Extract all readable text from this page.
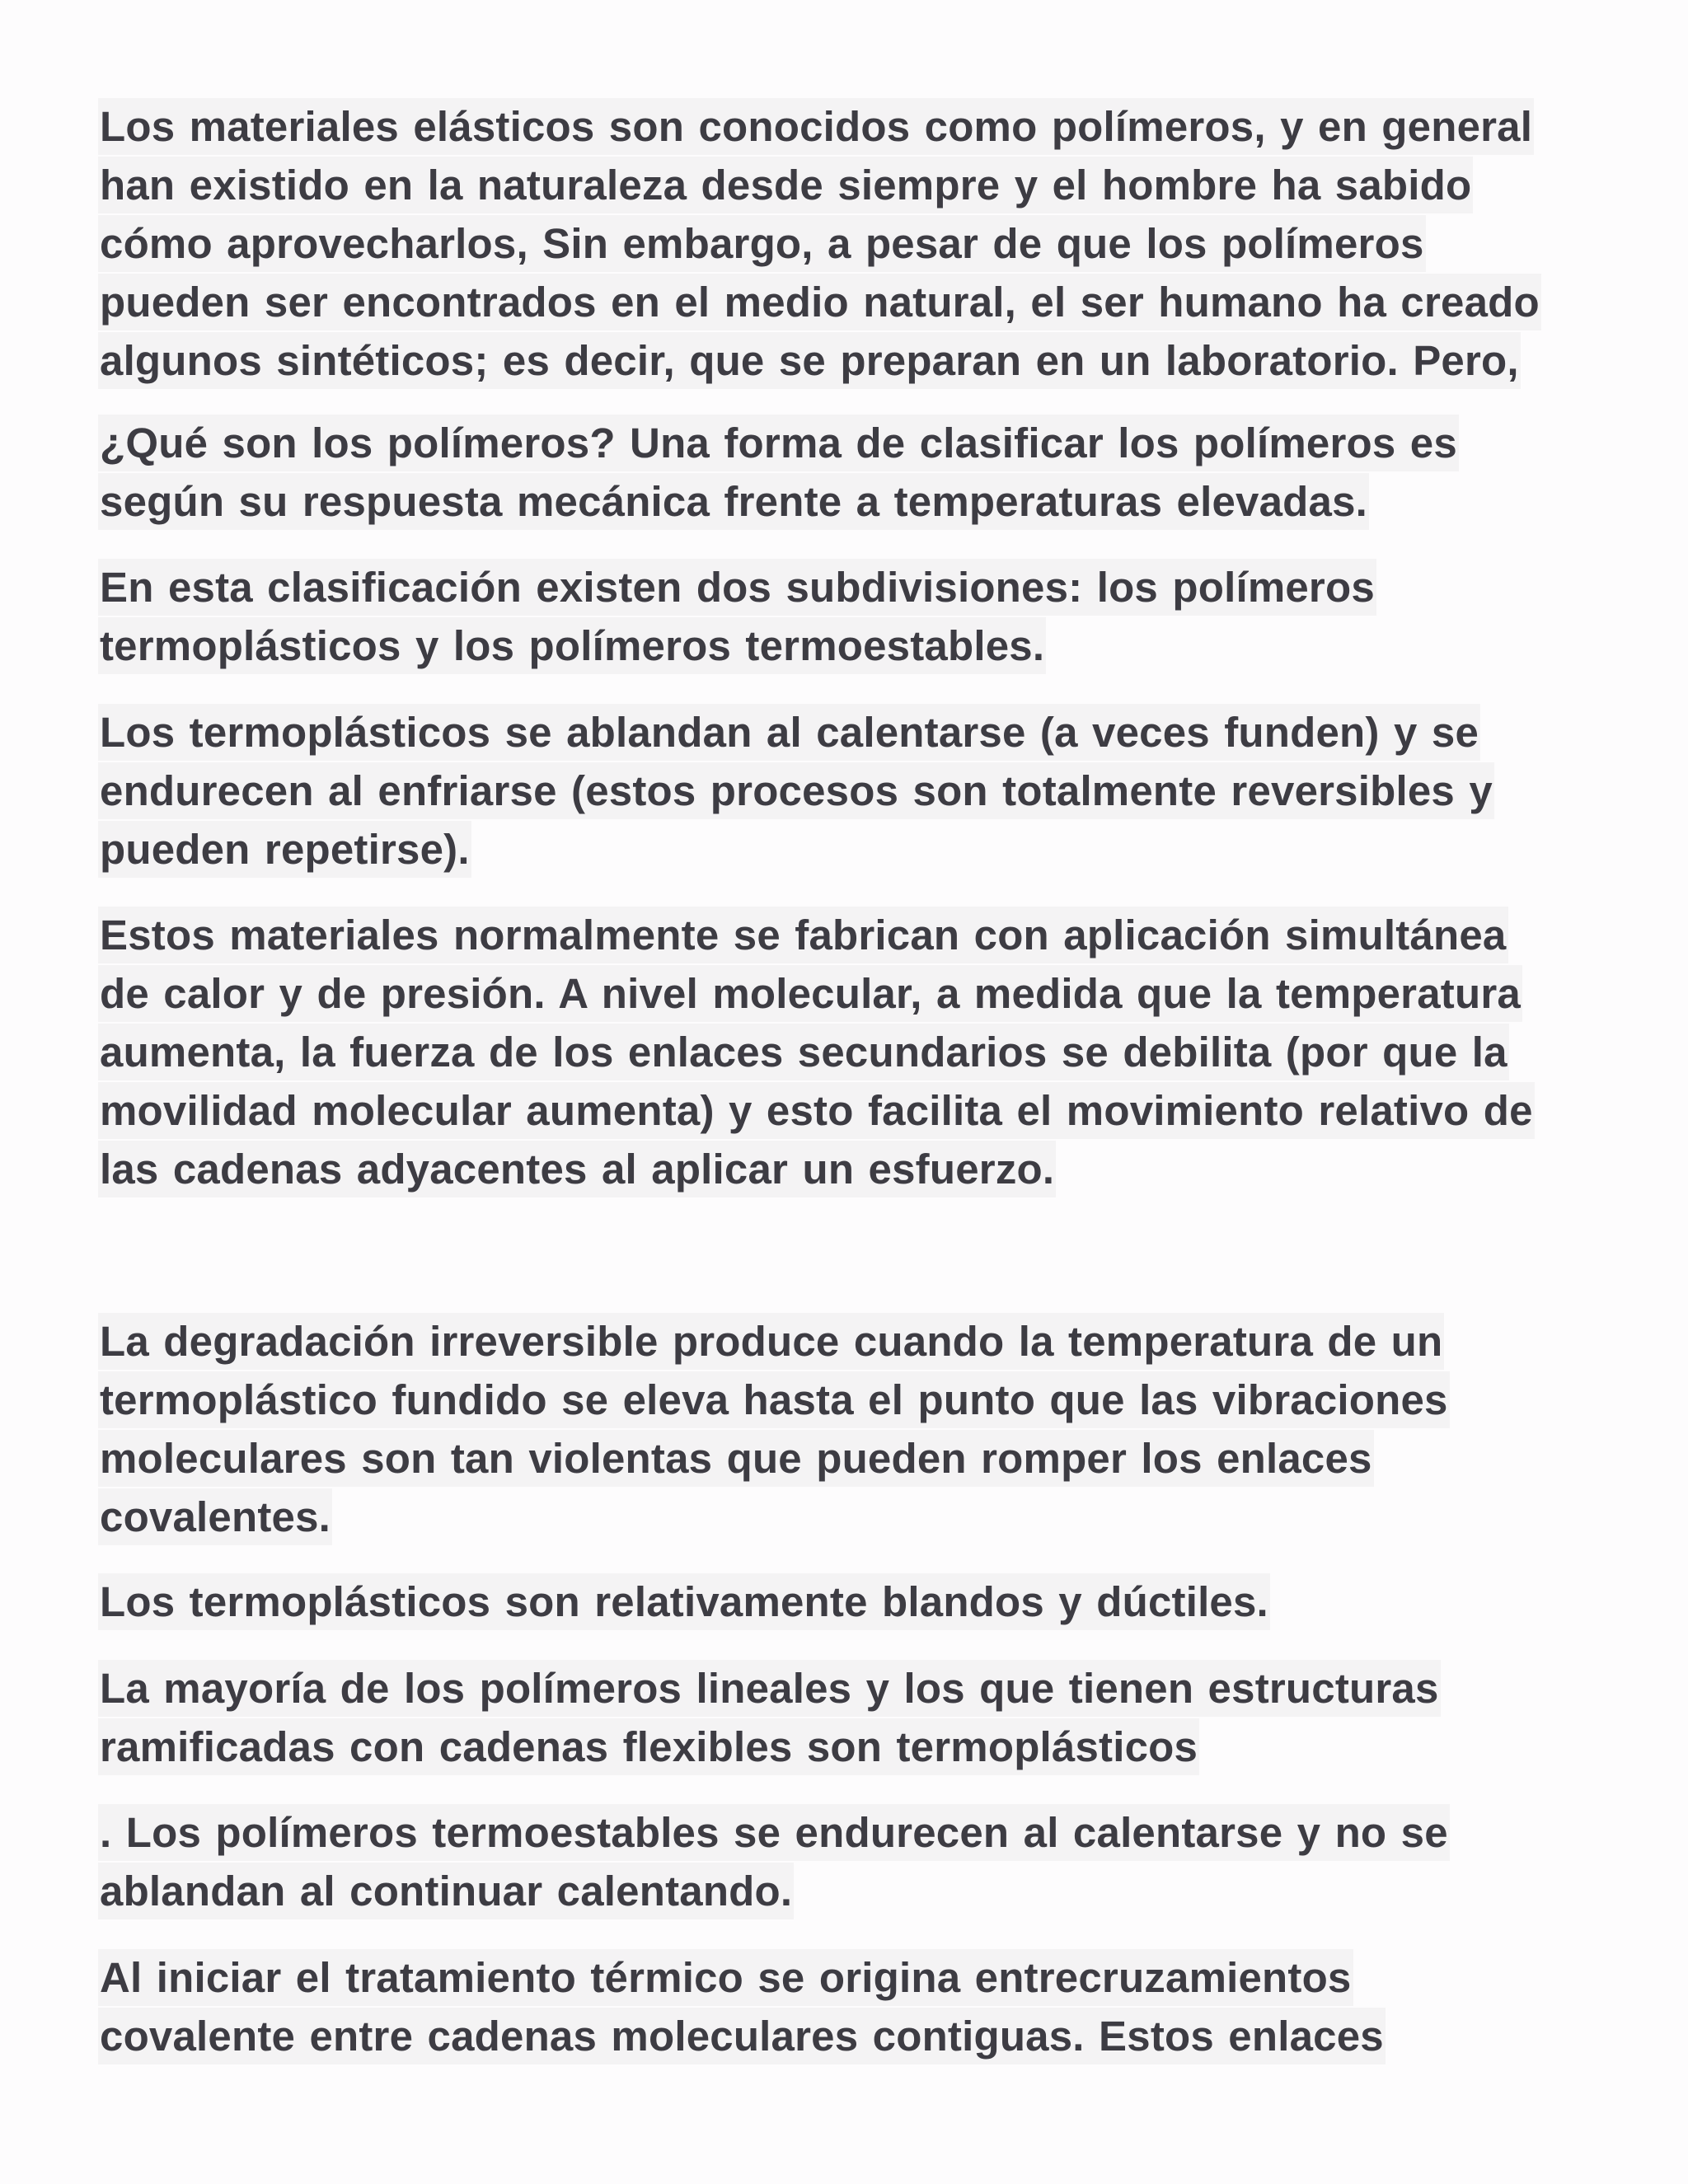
Los materiales elásticos son conocidos como polímeros, y en general
han existido en la naturaleza desde siempre y el hombre ha sabido
cómo aprovecharlos, Sin embargo, a pesar de que los polímeros
pueden ser encontrados en el medio natural, el ser humano ha creado
algunos sintéticos; es decir, que se preparan en un laboratorio. Pero,
¿Qué son los polímeros? Una forma de clasificar los polímeros es
según su respuesta mecánica frente a temperaturas elevadas.
En esta clasificación existen dos subdivisiones: los polímeros
termoplásticos y los polímeros termoestables.
Los termoplásticos se ablandan al calentarse (a veces funden) y se
endurecen al enfriarse (estos procesos son totalmente reversibles y
pueden repetirse).
Estos materiales normalmente se fabrican con aplicación simultánea
de calor y de presión. A nivel molecular, a medida que la temperatura
aumenta, la fuerza de los enlaces secundarios se debilita (por que la
movilidad molecular aumenta) y esto facilita el movimiento relativo de
las cadenas adyacentes al aplicar un esfuerzo.
La degradación irreversible produce cuando la temperatura de un
termoplástico fundido se eleva hasta el punto que las vibraciones
moleculares son tan violentas que pueden romper los enlaces
covalentes.
Los termoplásticos son relativamente blandos y dúctiles.
La mayoría de los polímeros lineales y los que tienen estructuras
ramificadas con cadenas flexibles son termoplásticos
. Los polímeros termoestables se endurecen al calentarse y no se
ablandan al continuar calentando.
Al iniciar el tratamiento térmico se origina entrecruzamientos
covalente entre cadenas moleculares contiguas. Estos enlaces
